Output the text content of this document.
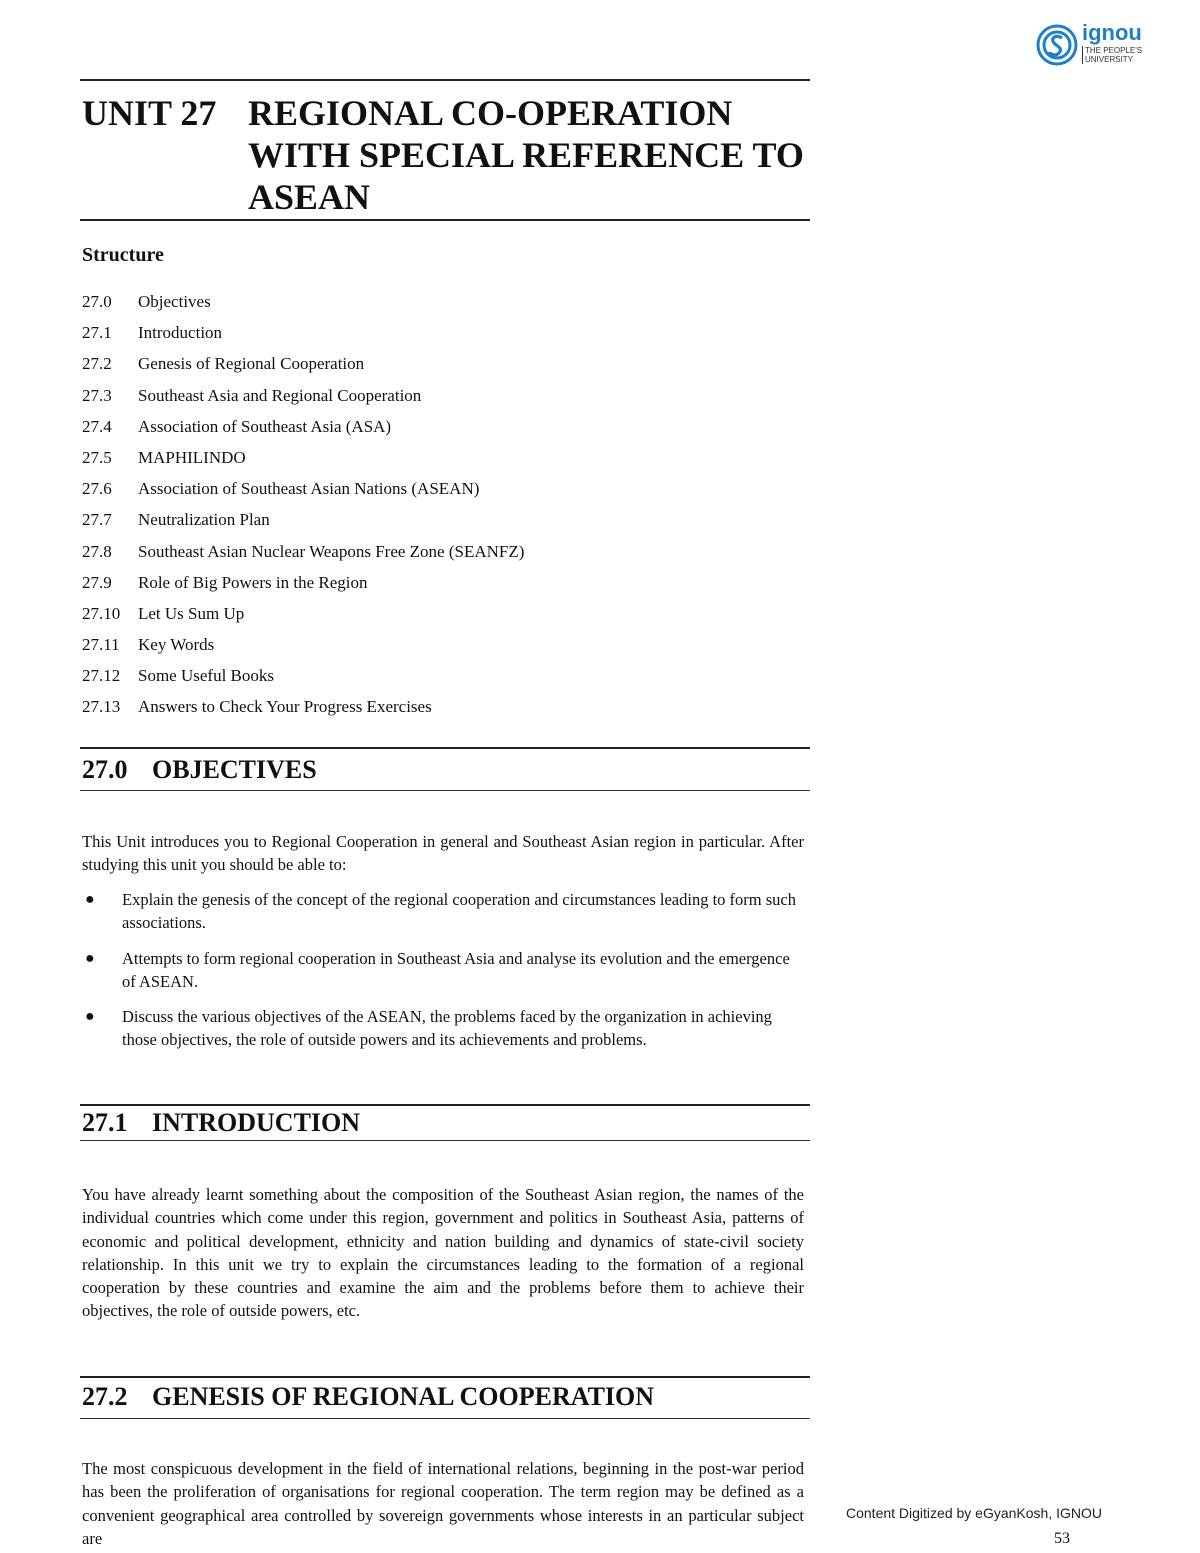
ignou
THE PEOPLE'S
UNIVERSITY
UNIT 27 REGIONAL CO-OPERATION
WITH SPECIAL REFERENCE TO
ASEAN
Structure
27.0 Objectives
27.1 Introduction
27.2 Genesis of Regional Cooperation
27.3 Southeast Asia and Regional Cooperation
27.4 Association of Southeast Asia (ASA)
27.5 MAPHILINDO
27.6 Association of Southeast Asian Nations (ASEAN)
27.7 Neutralization Plan
27.8 Southeast Asian Nuclear Weapons Free Zone (SEANFZ)
27.9 Role of Big Powers in the Region
27.10 Let Us Sum Up
27.11 Key Words
27.12 Some Useful Books
27.13 Answers to Check Your Progress Exercises
27.0 OBJECTIVES
This Unit introduces you to Regional Cooperation in general and Southeast Asian region in particular. After studying this unit you should be able to:
● Explain the genesis of the concept of the regional cooperation and circumstances leading to form such associations.
● Attempts to form regional cooperation in Southeast Asia and analyse its evolution and the emergence of ASEAN.
● Discuss the various objectives of the ASEAN, the problems faced by the organization in achieving those objectives, the role of outside powers and its achievements and problems.
27.1 INTRODUCTION
You have already learnt something about the composition of the Southeast Asian region, the names of the individual countries which come under this region, government and politics in Southeast Asia, patterns of economic and political development, ethnicity and nation building and dynamics of state-civil society relationship. In this unit we try to explain the circumstances leading to the formation of a regional cooperation by these countries and examine the aim and the problems before them to achieve their objectives, the role of outside powers, etc.
27.2 GENESIS OF REGIONAL COOPERATION
The most conspicuous development in the field of international relations, beginning in the post-war period has been the proliferation of organisations for regional cooperation. The term region may be defined as a convenient geographical area controlled by sovereign governments whose interests in an particular subject are
Content Digitized by eGyanKosh, IGNOU
53
